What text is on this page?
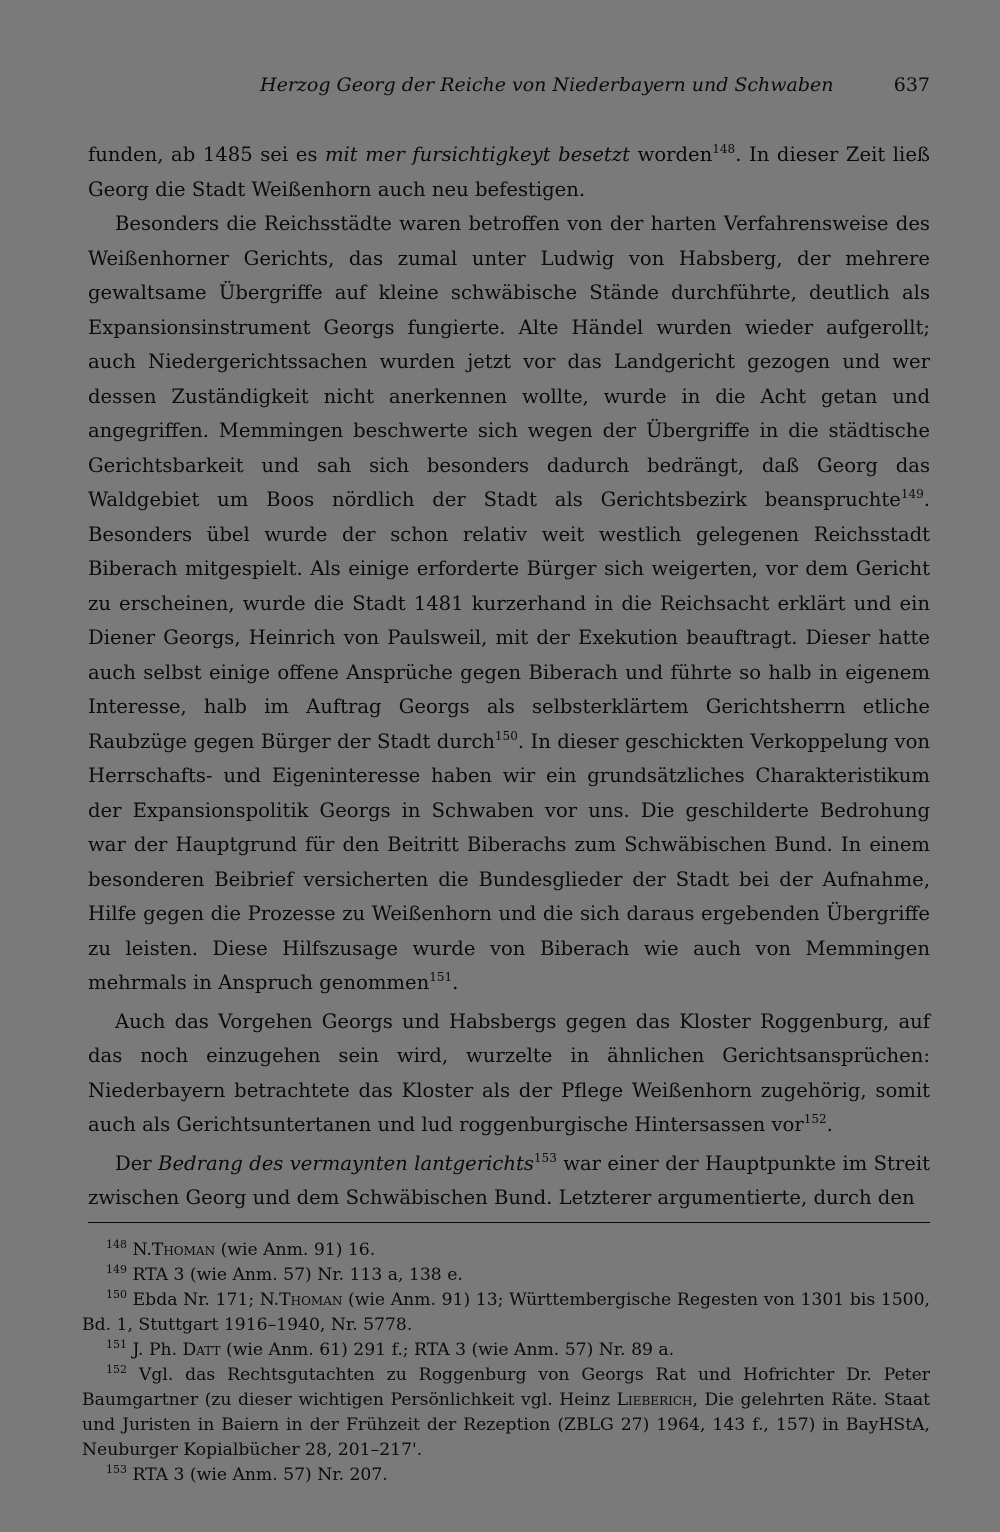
Herzog Georg der Reiche von Niederbayern und Schwaben	637

funden, ab 1485 sei es mit mer fursichtigkeyt besetzt worden$^{148}$. In dieser Zeit ließ Georg die Stadt Weißenhorn auch neu befestigen.

Besonders die Reichsstädte waren betroffen von der harten Verfahrensweise des Weißenhorner Gerichts, das zumal unter Ludwig von Habsberg, der mehrere gewaltsame Übergriffe auf kleine schwäbische Stände durchführte, deutlich als Expansionsinstrument Georgs fungierte. Alte Händel wurden wieder aufgerollt; auch Niedergerichtssachen wurden jetzt vor das Landgericht gezogen und wer dessen Zuständigkeit nicht anerkennen wollte, wurde in die Acht getan und angegriffen. Memmingen beschwerte sich wegen der Übergriffe in die städtische Gerichtsbarkeit und sah sich besonders dadurch bedrängt, daß Georg das Waldgebiet um Boos nördlich der Stadt als Gerichtsbezirk beanspruchte$^{149}$. Besonders übel wurde der schon relativ weit westlich gelegenen Reichsstadt Biberach mitgespielt. Als einige erforderte Bürger sich weigerten, vor dem Gericht zu erscheinen, wurde die Stadt 1481 kurzerhand in die Reichsacht erklärt und ein Diener Georgs, Heinrich von Paulsweil, mit der Exekution beauftragt. Dieser hatte auch selbst einige offene Ansprüche gegen Biberach und führte so halb in eigenem Interesse, halb im Auftrag Georgs als selbsterklärtem Gerichtsherrn etliche Raubzüge gegen Bürger der Stadt durch$^{150}$. In dieser geschickten Verkoppelung von Herrschafts- und Eigeninteresse haben wir ein grundsätzliches Charakteristikum der Expansionspolitik Georgs in Schwaben vor uns. Die geschilderte Bedrohung war der Hauptgrund für den Beitritt Biberachs zum Schwäbischen Bund. In einem besonderen Beibrief versicherten die Bundesglieder der Stadt bei der Aufnahme, Hilfe gegen die Prozesse zu Weißenhorn und die sich daraus ergebenden Übergriffe zu leisten. Diese Hilfszusage wurde von Biberach wie auch von Memmingen mehrmals in Anspruch genommen$^{151}$.

Auch das Vorgehen Georgs und Habsbergs gegen das Kloster Roggenburg, auf das noch einzugehen sein wird, wurzelte in ähnlichen Gerichtsansprüchen: Niederbayern betrachtete das Kloster als der Pflege Weißenhorn zugehörig, somit auch als Gerichtsuntertanen und lud roggenburgische Hintersassen vor$^{152}$.

Der Bedrang des vermaynten lantgerichts$^{153}$ war einer der Hauptpunkte im Streit zwischen Georg und dem Schwäbischen Bund. Letzterer argumentierte, durch den

$^{148}$ N.Thoman (wie Anm. 91) 16.

$^{149}$ RTA 3 (wie Anm. 57) Nr. 113 a, 138 e.

$^{150}$ Ebda Nr. 171; N.Thoman (wie Anm. 91) 13; Württembergische Regesten von 1301 bis 1500, Bd. 1, Stuttgart 1916–1940, Nr. 5778.

$^{151}$ J. Ph. Datt (wie Anm. 61) 291 f.; RTA 3 (wie Anm. 57) Nr. 89 a.

$^{152}$ Vgl. das Rechtsgutachten zu Roggenburg von Georgs Rat und Hofrichter Dr. Peter Baumgartner (zu dieser wichtigen Persönlichkeit vgl. Heinz Lieberich, Die gelehrten Räte. Staat und Juristen in Baiern in der Frühzeit der Rezeption (ZBLG 27) 1964, 143 f., 157) in BayHStA, Neuburger Kopialbücher 28, 201–217'.

$^{153}$ RTA 3 (wie Anm. 57) Nr. 207.
